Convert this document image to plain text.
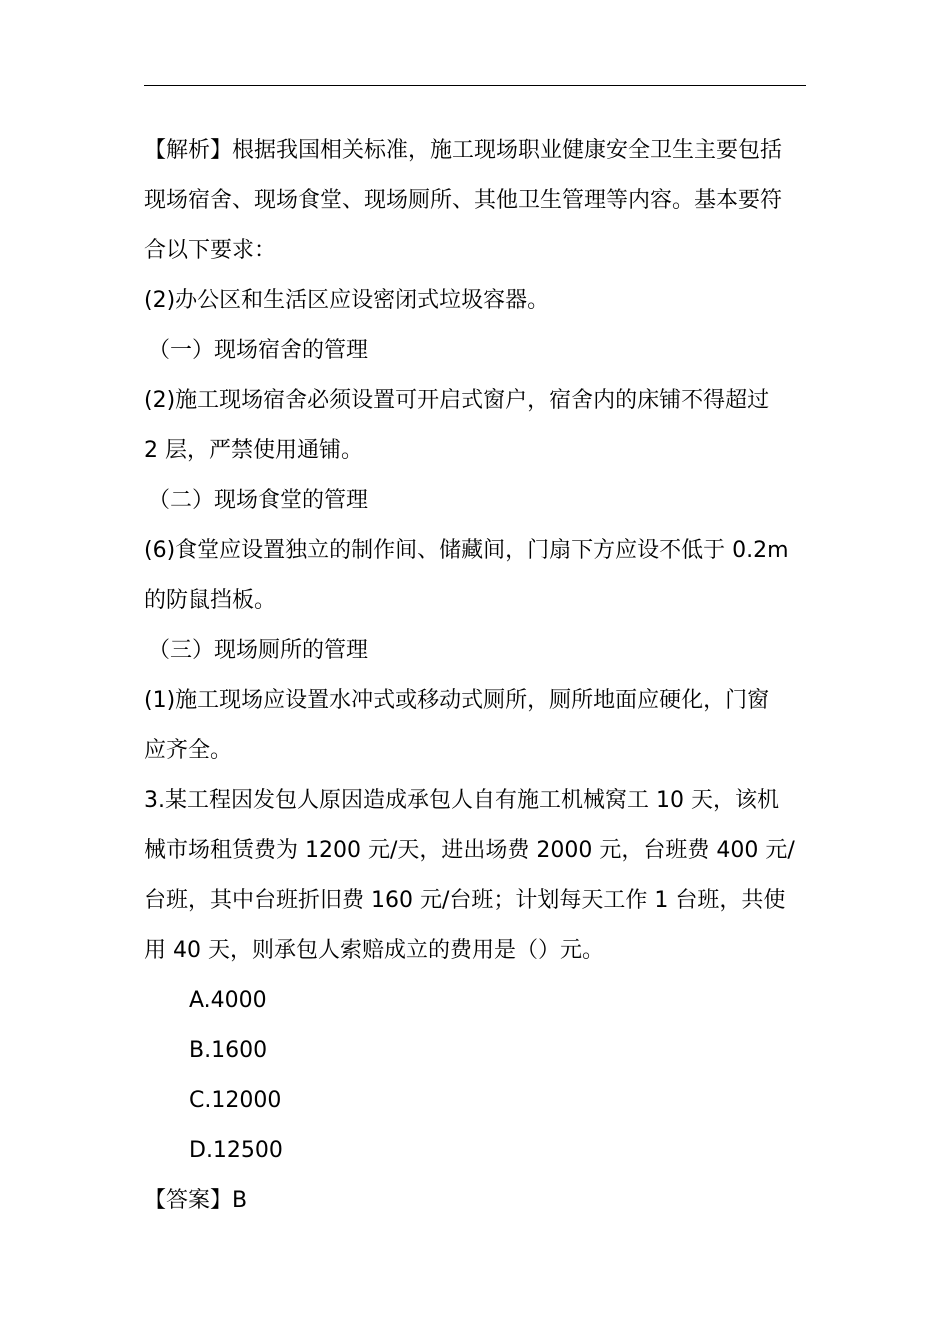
【解析】根据我国相关标准，施工现场职业健康安全卫生主要包括
现场宿舍、现场食堂、现场厕所、其他卫生管理等内容。基本要符
合以下要求：
(2)办公区和生活区应设密闭式垃圾容器。
（一）现场宿舍的管理
(2)施工现场宿舍必须设置可开启式窗户，宿舍内的床铺不得超过
2 层，严禁使用通铺。
（二）现场食堂的管理
(6)食堂应设置独立的制作间、储藏间，门扇下方应设不低于 0.2m
的防鼠挡板。
（三）现场厕所的管理
(1)施工现场应设置水冲式或移动式厕所，厕所地面应硬化，门窗
应齐全。
3.某工程因发包人原因造成承包人自有施工机械窝工 10 天，该机
械市场租赁费为 1200 元/天，进出场费 2000 元，台班费 400 元/
台班，其中台班折旧费 160 元/台班；计划每天工作 1 台班，共使
用 40 天，则承包人索赔成立的费用是（）元。
A.4000
B.1600
C.12000
D.12500
【答案】B
